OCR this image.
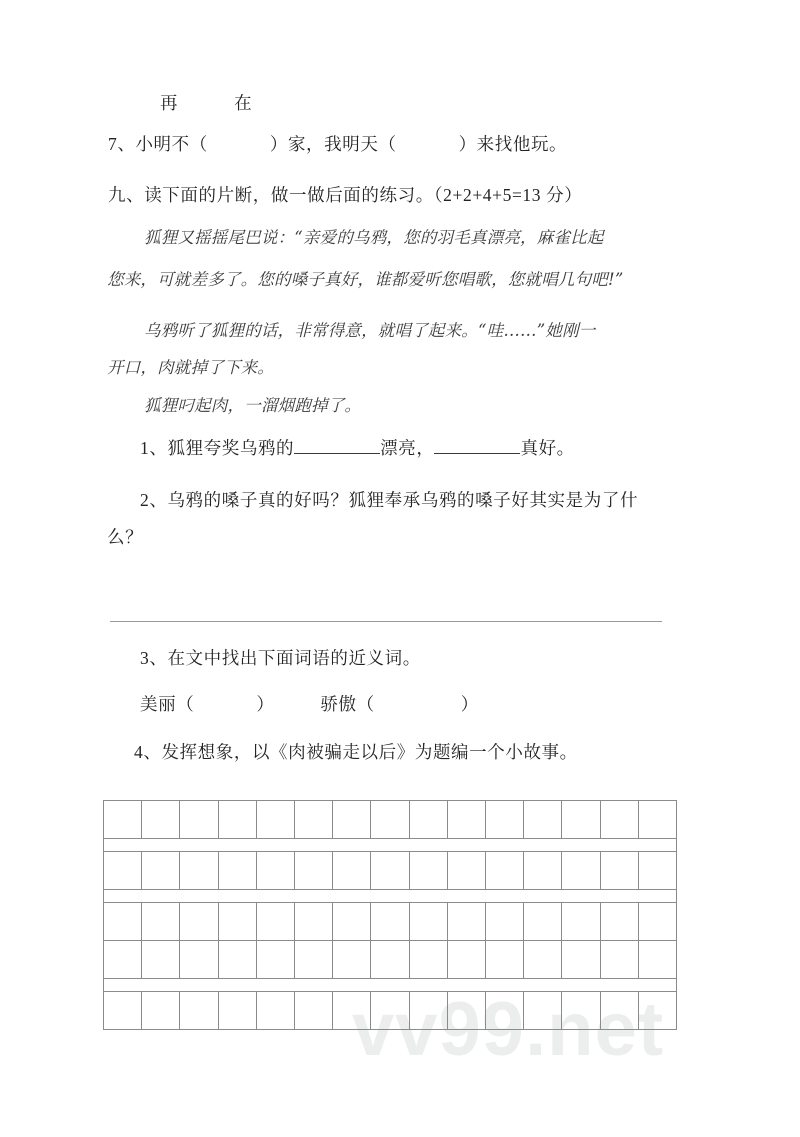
vv99.net
再	在
7、小明不（	）家，我明天（	）来找他玩。
九、读下面的片断，做一做后面的练习。（2+2+4+5=13 分）
狐狸又摇摇尾巴说：“亲爱的乌鸦，您的羽毛真漂亮，麻雀比起
您来，可就差多了。您的嗓子真好，谁都爱听您唱歌，您就唱几句吧!”
乌鸦听了狐狸的话，非常得意，就唱了起来。“哇……”她刚一
开口，肉就掉了下来。
狐狸叼起肉，一溜烟跑掉了。
1、狐狸夸奖乌鸦的	漂亮，	真好。
2、乌鸦的嗓子真的好吗？狐狸奉承乌鸦的嗓子好其实是为了什
么？
3、在文中找出下面词语的近义词。
美丽（	）	骄傲（	）
4、发挥想象，以《肉被骗走以后》为题编一个小故事。
